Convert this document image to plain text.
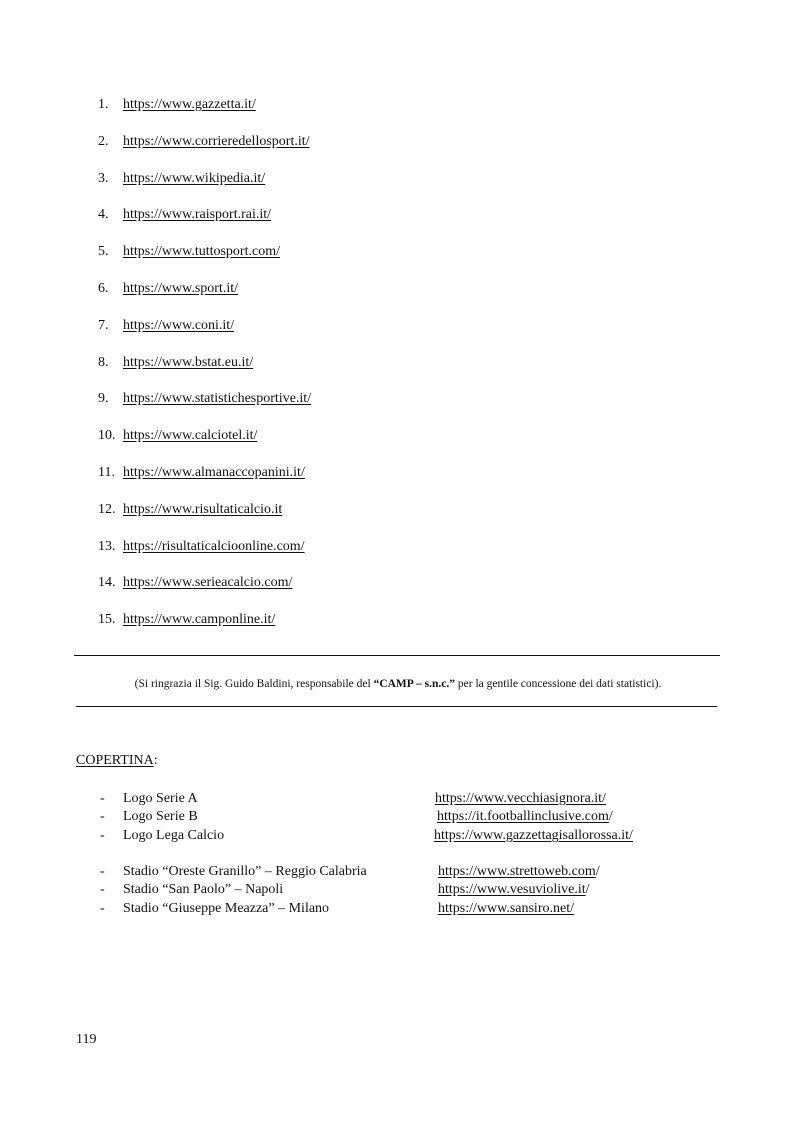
1. https://www.gazzetta.it/
2. https://www.corrieredellosport.it/
3. https://www.wikipedia.it/
4. https://www.raisport.rai.it/
5. https://www.tuttosport.com/
6. https://www.sport.it/
7. https://www.coni.it/
8. https://www.bstat.eu.it/
9. https://www.statistichesportive.it/
10. https://www.calciotel.it/
11. https://www.almanaccopanini.it/
12. https://www.risultaticalcio.it
13. https://risultaticalcioonline.com/
14. https://www.serieacalcio.com/
15. https://www.camponline.it/
(Si ringrazia il Sig. Guido Baldini, responsabile del “CAMP – s.n.c.” per la gentile concessione dei dati statistici).
COPERTINA:
- Logo Serie A	https://www.vecchiasignora.it/
- Logo Serie B	https://it.footballinclusive.com/
- Logo Lega Calcio	https://www.gazzettagisallorossa.it/
- Stadio “Oreste Granillo” – Reggio Calabria	https://www.strettoweb.com/
- Stadio “San Paolo” – Napoli	https://www.vesuviolive.it/
- Stadio “Giuseppe Meazza” – Milano	https://www.sansiro.net/
119
